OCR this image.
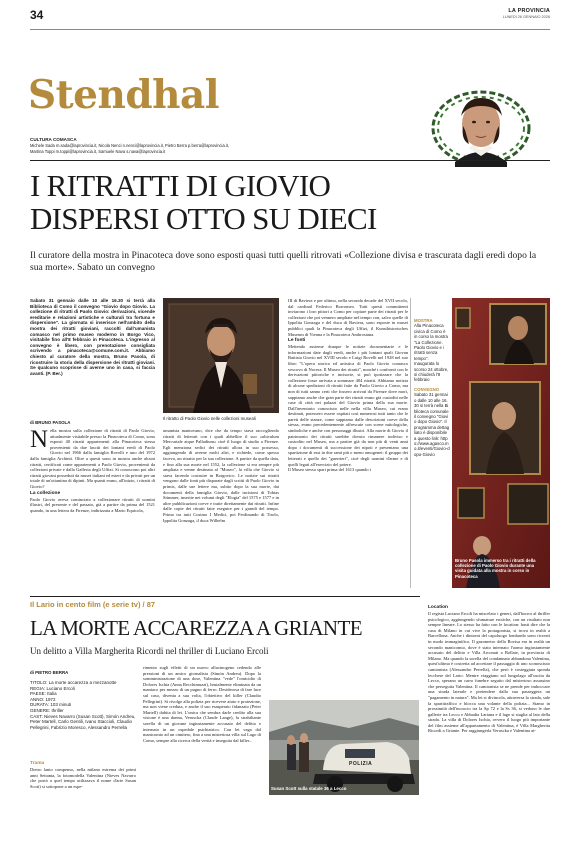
34	LA PROVINCIA
LUNEDÌ 26 GENNAIO 2026
Stendhal
CULTURA COMASCA
Michele Sada m.sada@laprovincia.it, Nicola Nenci n.nenci@laprovincia.it, Pietro Berra p.berra@laprovincia.it,
Martina Toppi m.toppi@laprovincia.it, Samuele Nava s.nava@laprovincia.it
I RITRATTI DI GIOVIO
DISPERSI OTTO SU DIECI
Il curatore della mostra in Pinacoteca dove sono esposti quasi tutti quelli ritrovati «Collezione divisa e trascurata dagli eredi dopo la sua morte». Sabato un convegno
Sabato 31 gennaio dalle 10 alle 16.30 si terrà alla Biblioteca di Como il convegno "Giovio dopo Giovio. La collezione di ritratti di Paolo Giovio: derivazioni, vicende ereditarie e relazioni artistiche e culturali tra fortuna e dispersione". La giornata si inserisce nell'ambito della mostra dei ritratti gioviani, raccolti dall'umanista comasco nel primo museo moderno in Borgo Vico, visitabile fino all'8 febbraio in Pinacoteca. L'ingresso al convegno è libero, con prenotazione consigliata scrivendo a pinacoteca@comune.com.it. Abbiamo chiesto al curatore della mostra, Bruno Pasola, di ricostruire la storia della dispersione dei ritratti gioviani. Se qualcuno scoprisse di averne uno in casa, si faccia avanti. (P. Ber.)
di BRUNO PASOLA
Il ritratto di Paolo Giovio nelle collezioni museali
N ella mostra sulla collezione di ritratti di Paolo Giovio, attualmente visitabile presso la Pinacoteca di Como, sono esposti 40 ritratti appartenenti alla Pinacoteca stessa provenienti da due lasciti dei lontani eredi di Paolo Giovio nel 1966 dalla famiglia Rovelli e uno del 1972 dalla famiglia Archinti. Oltre a questi sono in mostra anche alcuni ritratti, certificati come appartenenti a Paolo Giovio, provenienti da collezioni private e dalla Galleria degli Uffizi. Si conoscono poi altri ritratti giovani posseduti da musei italiani ed esteri e da privati per un totale di un'ottantina di dipinti. Ma quanti erano, all'inizio, i ritratti di Giovio?
La collezione
Paolo Giovio aveva cominciato a collezionare ritratti di uomini illustri, del presente e del passato, già a partire da prima del 1521 quando, in una lettera da Firenze, indirizzata a Mario Equicola,
umanista mantovano, dice che da tempo stava raccogliendo ritratti di letterati con i quali abbellire il suo «ubiculum Mercuriale atque Palladium» cioè il luogo di studio a Firenze. Egli menziona sedici dei ritratti allora in suo possesso, aggiungendo di averne molti altri, e richiede, come spesso faceva, un ritratto per la sua collezione. A partire da quella data, e fino alla sua morte nel 1552, la collezione si era sempre più ampliata e venne destinata al "Museo", la villa che Giovio si stava facendo costruire in Borgovico. Le notizie sui ritratti vengono dalle fonti più disparate dagli scritti di Paolo Giovio in primis, dalle sue lettere ma, subito dopo la sua morte, dai documenti della famiglia Giovio, dalle incisioni di Tobias Stimmer, inserite nei volumi degli "Elogia" del 1575 e 1577 e in altre pubblicazioni coeve e tratte direttamente dai ritratti. Infine dalle copie dei ritratti fatte eseguire per i grandi del tempo. Primo tra tutti Cosimo I Medici, poi Ferdinando di Tirolo, Ippolita Gonzaga, il duca Wilhelm
III di Baviera e per ultimo, nella seconda decade del XVII secolo, dal cardinal Federico Borromeo. Tutti questi committenti inviarono i loro pittori a Como per copiare parte dei ritratti per le collezioni che poi vennero ampliate nel tempo con, salvo quelle di Ippolita Gonzaga e del duca di Baviera, sono esposte in musei pubblici quali la Pinacoteca degli Uffizi, il Kunsthistorisches Museum di Vienna e la Pinacoteca Ambrosiana.
Le fonti
Mettendo assieme dunque le notizie documentarie e le informazioni date dagli eredi, anche i più lontani quali Giovan Battista Giovio nel XVIII secolo e Luigi Rovelli nel 1928 nel suo libro "L'opera storica ed artistica di Paolo Giovio comasco vescovo di Nocera. Il Museo dei ritratti", nonché i confronti con le derivazioni pittoriche e incisorie, si può ipotizzare che la collezione fosse arrivata a sommare 404 ritratti. Abbiamo notizia di alcune spedizioni di ritratti fatte da Paolo Giovio a Como, ma non di tutti sanno certi che fossero arrivati da Firenze dove morì, sappiamo anche che gran parte dei ritratti erano già custoditi nelle case di città nei palazzi del Giovio prima della sua morte. Dall'inventario conosciuto nelle nella villa Museo, cui erano destinati, potessero essere ospitati così numerosi tutti tanto che le pareti delle stanze, come sappiamo dalle descrizioni coeve della stessa, erano precedentemente affrescate con scene mitologiche, simboliche e anche con personaggi illustri. Alla morte di Giovio il patrimonio dei ritratti sarebbe dovuto rimanere indiviso e custodito nel Museo, ma a partire già da non più di venti anni dopo i documenti di successione dei nipoti e presentano una spartizione di essi in due rami più o meno omogenei: il gruppo dei letterati e quello dei "guerrieri", cioè degli uomini d'arme e di quelli legati all'esercizio del potere.
Il Museo stesso spari prima del 1613 quando i
MOSTRA
Alla Pinacoteca civica di Como è in corso la mostra "La Collezione. Paolo Giovio e i ritratti senza tempo". Inaugurata lo scorso 24 ottobre, si chiuderà l'8 febbraio
CONVEGNO
Sabato 31 gennaio dalle 10 alle 16.30 si terrà nella Biblioteca comunale il convegno "Giovio dopo Giovio". Il programma dettagliato è disponibile a questo link: https://www.agasco.mo.it/eventi/Giovio-dopo-Giovio
Bruno Pasola immerso tra i ritratti della collezione di Paolo Giovio durante una visita guidata alla mostra in corso in Pinacoteca
Il Lario in cento film (e serie tv) / 87
LA MORTE ACCAREZZA A GRIANTE
Un delitto a Villa Margherita Ricordi nel thriller di Luciano Ercoli
di PIETRO BERRA
TITOLO: La morte accarezza a mezzanotte
REGIA: Luciano Ercoli
PAESE: Italia
ANNO: 1972
DURATA: 103 minuti
GENERE: thriller
CAST: Nieves Navarro (Susan Scott), Simón Andreu, Peter Martell, Carlo Gentili, Ivano Staccioli, Claudio Pellegrini, Fabrizio Moresco, Alessandro Perrella
Trama
Dietro lanto compenso, nella milano estrema dei primi anni Settanta, la fotomodella Valentina (Nieves Navarro che portò a quel tempo utilizzava il nome d'arte Susan Scott) si sottopone a un espe-
rimento sugli effetti di un nuovo allucinogeno cedendo alle pressioni di un amico giornalista (Simón Andreu). Dopo la somministrazione di una dose, Valentina "vede" l'omicidio di Dolores Ischia (Anna Recchimuzzi), brutalmente eliminata da un maniaco per mezzo di un pugno di ferro. Desiderosa di fare luce sul caso, diventa a sua volta, l'obiettivo del killer (Claudio Pellegrini). Si rivolge alla polizia per ricevere aiuto e protezione, ma non viene creduta, e anche il suo esasperato fidanzato (Peter Martell) dubita di lei. L'unica che sembra darle credito alla sua visione è una donna, Veruscka (Claude Lange), la strabiliante sorella di un giovane ingiustamente accusato del delitto e internato in un ospedale psichiatrico. Con lei vaga dal manicomio ad un cimitero, fino a una misteriosa villa sul Lago di Como, sempre alla ricerca della verità e inseguita dal killer...
POLIZIA
Susan Scott sulla statale 36 a Lecco
Location
Il regista Luciano Ercoli ha miscelato i generi, dall'horror al thriller psicologico, aggiungendo sfumature erotiche, con un risultato non sempre lineare. Lo stesso ha fatto con le location: basti dire che la casa di Milano in cui vive la protagonista, si trova in realtà a Barcellona. Anche i dintorni del capoluogo lombardo sono ricreati in modo immaginifico. Il gazometro della Bovisa era in realtà un secondo manicomio, dove è stato internato l'uomo ingiustamente accusato del delitto e Villa Arconati a Bollate, in provincia di Milano. Ma quando la sorella del condannato abbandona Valentina, quest'ultima è costretta ad accettare il passaggio di uno sconosciuto camionista (Alessandro Perrella), che però è costeggiata sponda lecchese del Lario. Mentre viaggiano sul lungolago all'uscita da Lecco, sperano un carro funebre seguito dal misterioso assassino che perseguita Valentina. Il camionista se ne prende per imboccare una strada laterale e pretendere dalla sua passeggera un "pagamento in natura". Ma lei si divincola, attraversa la strada, sale la spartitraffico e blocca una volante della polizia... Siamo in prossimità dell'incrocio tra la Sp 72 e la Ss 36, si vedono le due gallerie tra Lecco e Abbadia Lariana e il lago si staglia al lato della strada. La villa di Dolores Ischia, ovvero il luogo più importante del film assieme all'appartamento di Valentina, è Villa Margherita Ricordi a Griante. Per raggiungerla Veruscka e Valentina at-
